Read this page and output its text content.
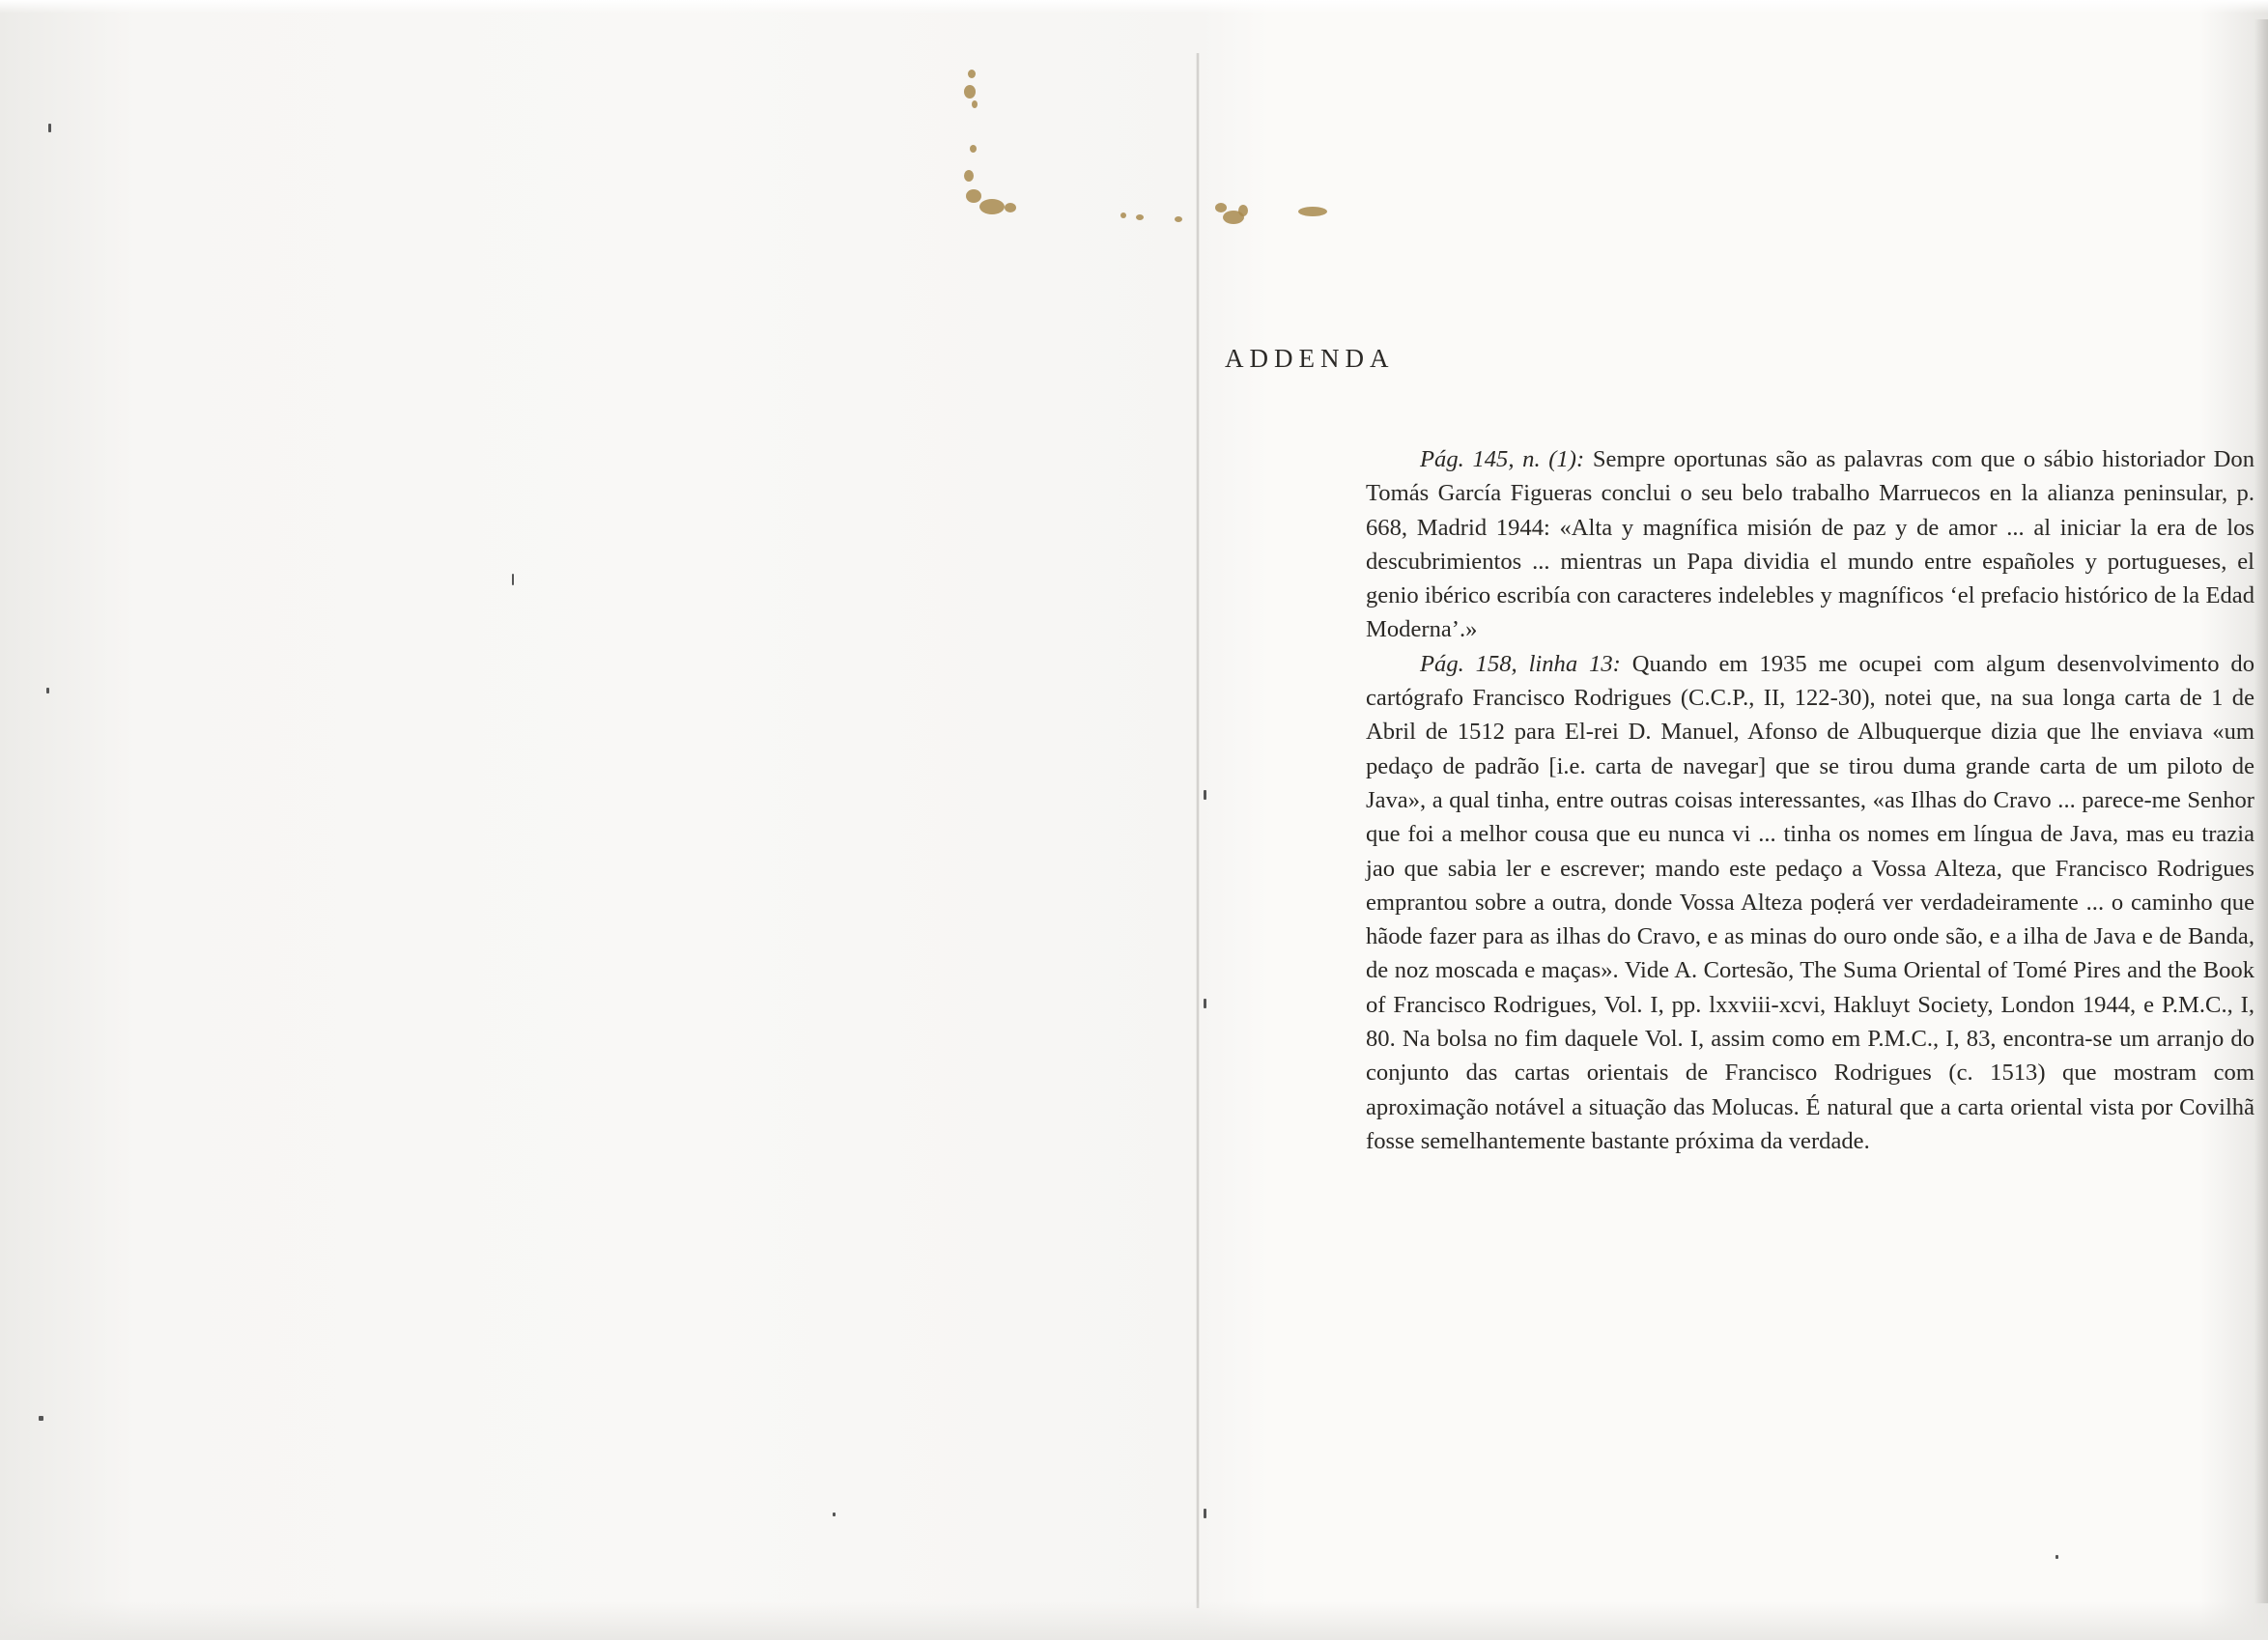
ADDENDA

Pág. 145, n. (1): Sempre oportunas são as palavras com que o sábio historiador Don Tomás García Figueras conclui o seu belo trabalho Marruecos en la alianza peninsular, p. 668, Madrid 1944: «Alta y magnífica misión de paz y de amor ... al iniciar la era de los descubrimientos ... mientras un Papa dividia el mundo entre españoles y portugueses, el genio ibérico escribía con caracteres indelebles y magníficos ‘el prefacio histórico de la Edad Moderna’.»

Pág. 158, linha 13: Quando em 1935 me ocupei com algum desenvolvimento do cartógrafo Francisco Rodrigues (C.C.P., II, 122-30), notei que, na sua longa carta de 1 de Abril de 1512 para El-rei D. Manuel, Afonso de Albuquerque dizia que lhe enviava «um pedaço de padrão [i.e. carta de navegar] que se tirou duma grande carta de um piloto de Java», a qual tinha, entre outras coisas interessantes, «as Ilhas do Cravo ... parece-me Senhor que foi a melhor cousa que eu nunca vi ... tinha os nomes em língua de Java, mas eu trazia jao que sabia ler e escrever; mando este pedaço a Vossa Alteza, que Francisco Rodrigues emprantou sobre a outra, donde Vossa Alteza poḍerá ver verdadeiramente ... o caminho que hãode fazer para as ilhas do Cravo, e as minas do ouro onde são, e a ilha de Java e de Banda, de noz moscada e maças». Vide A. Cortesão, The Suma Oriental of Tomé Pires and the Book of Francisco Rodrigues, Vol. I, pp. lxxviii-xcvi, Hakluyt Society, London 1944, e P.M.C., I, 80. Na bolsa no fim daquele Vol. I, assim como em P.M.C., I, 83, encontra-se um arranjo do conjunto das cartas orientais de Francisco Rodrigues (c. 1513) que mostram com aproximação notável a situação das Molucas. É natural que a carta oriental vista por Covilhã fosse semelhantemente bastante próxima da verdade.
